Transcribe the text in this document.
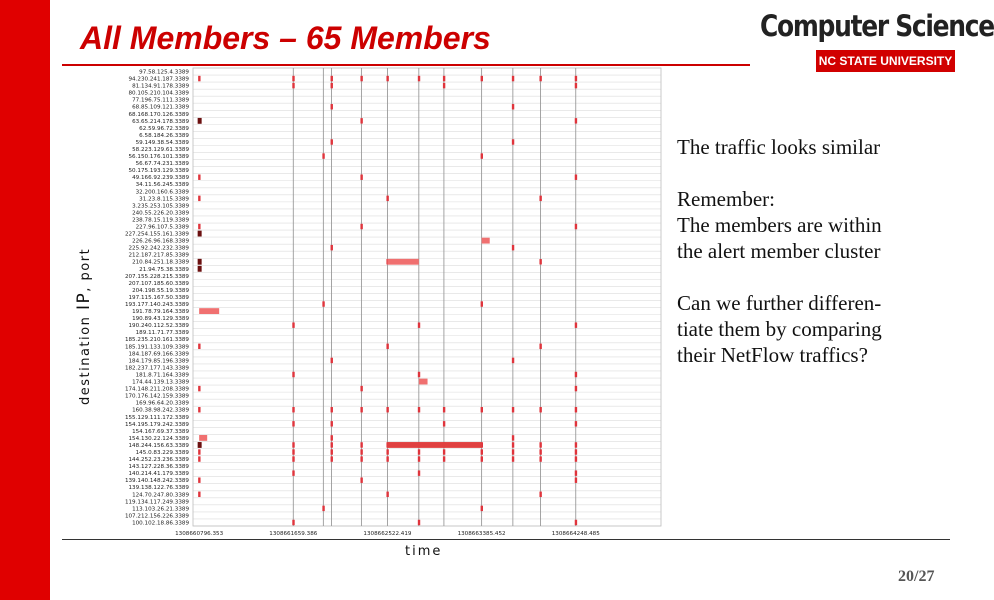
All Members – 65 Members	Computer Science
NC STATE UNIVERSITY
destination IP, port
97.58.125.4.3389
94.230.241.187.3389
81.134.91.178.3389
80.105.210.104.3389
77.196.75.111.3389
68.85.109.121.3389
68.168.170.126.3389
63.65.214.178.3389
62.59.96.72.3389
6.58.184.26.3389
59.149.38.54.3389
58.223.129.61.3389
56.150.176.101.3389
56.67.74.231.3389
50.175.193.129.3389
49.166.92.239.3389
34.11.56.245.3389
32.200.160.6.3389
31.23.8.115.3389
3.235.253.105.3389
240.55.226.20.3389
238.78.15.119.3389
227.96.107.5.3389
227.254.155.161.3389
226.26.96.168.3389
225.92.242.232.3389
212.187.217.85.3389
210.84.251.18.3389
21.94.75.38.3389
207.155.228.215.3389
207.107.185.60.3389
204.198.55.19.3389
197.115.167.50.3389
193.177.140.243.3389
191.78.79.164.3389
190.89.43.129.3389
190.240.112.52.3389
189.11.71.77.3389
185.235.210.161.3389
185.191.133.109.3389
184.187.69.166.3389
184.179.85.196.3389
182.237.177.143.3389
181.8.71.164.3389
174.44.139.13.3389
174.148.211.208.3389
170.176.142.159.3389
169.96.64.20.3389
160.38.98.242.3389
155.129.111.172.3389
154.195.179.242.3389
154.167.69.37.3389
154.130.22.124.3389
148.244.156.63.3389
145.0.83.229.3389
144.252.23.236.3389
143.127.228.36.3389
140.214.41.179.3389
139.140.148.242.3389
139.138.122.76.3389
124.70.247.80.3389
119.134.117.249.3389
113.103.26.21.3389
107.212.156.226.3389
100.102.18.86.3389
1308660796.353	1308661659.386	1308662522.419	1308663385.452	1308664248.485
time

The traffic looks similar

Remember:

The members are within

the alert member cluster

Can we further differen-

tiate them by comparing

their NetFlow traffics?

20/27
